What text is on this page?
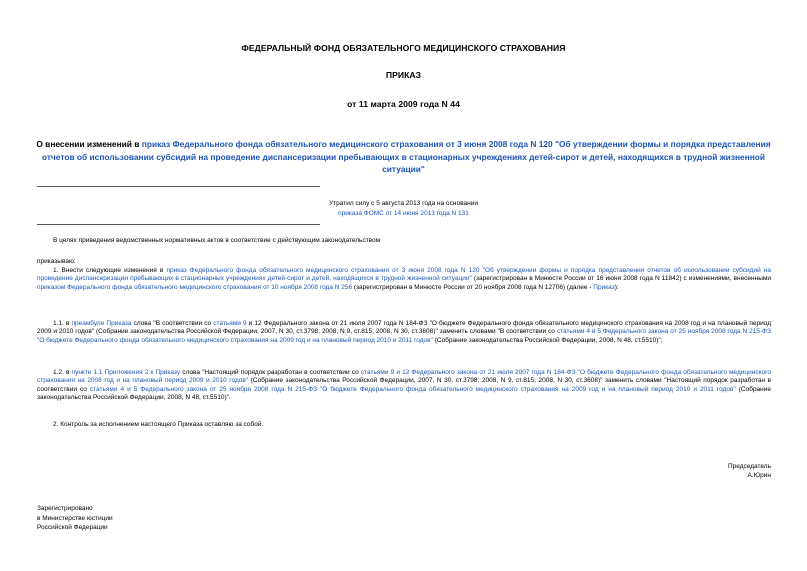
ФЕДЕРАЛЬНЫЙ ФОНД ОБЯЗАТЕЛЬНОГО МЕДИЦИНСКОГО СТРАХОВАНИЯ
ПРИКАЗ
от 11 марта 2009 года N 44
О внесении изменений в приказ Федерального фонда обязательного медицинского страхования от 3 июня 2008 года N 120 "Об утверждении формы и порядка представления отчетов об использовании субсидий на проведение диспансеризации пребывающих в стационарных учреждениях детей-сирот и детей, находящихся в трудной жизненной ситуации"
Утратил силу с 5 августа 2013 года на основании
приказа ФОМС от 14 июня 2013 года N 131
В целях приведения ведомственных нормативных актов в соответствие с действующим законодательством
приказываю:
1. Внести следующие изменения в приказ Федерального фонда обязательного медицинского страхования от 3 июня 2008 года N 120 "Об утверждении формы и порядка представления отчетов об использовании субсидий на проведение диспансеризации пребывающих в стационарных учреждениях детей-сирот и детей, находящихся в трудной жизненной ситуации" (зарегистрирован в Минюсте России от 16 июня 2008 года N 11842) с изменениями, внесенными приказом Федерального фонда обязательного медицинского страхования от 10 ноября 2008 года N 256 (зарегистрирован в Минюсте России от 20 ноября 2008 года N 12706) (далее - Приказ):
1.1. в преамбуле Приказа слова "В соответствии со статьями 9 и 12 Федерального закона от 21 июля 2007 года N 184-ФЗ "О бюджете Федерального фонда обязательного медицинского страхования на 2008 год и на плановый период 2009 и 2010 годов" (Собрание законодательства Российской Федерации, 2007, N 30, ст.3798; 2008, N 9, ст.815; 2008, N 30, ст.3608)" заменить словами "В соответствии со статьями 4 и 5 Федерального закона от 25 ноября 2008 года N 215-ФЗ "О бюджете Федерального фонда обязательного медицинского страхования на 2009 год и на плановый период 2010 и 2011 годов" (Собрание законодательства Российской Федерации, 2008, N 48, ст.5510)";
1.2. в пункте 1.1 Приложения 2 к Приказу слова "Настоящий порядок разработан в соответствии со статьями 9 и 12 Федерального закона от 21 июля 2007 года N 184-ФЗ "О бюджете Федерального фонда обязательного медицинского страхования на 2008 год и на плановый период 2009 и 2010 годов" (Собрание законодательства Российской Федерации, 2007, N 30, ст.3798; 2008, N 9, ст.815; 2008, N 30, ст.3608)" заменить словами "Настоящий порядок разработан в соответствии со статьями 4 и 5 Федерального закона от 25 ноября 2008 года N 215-ФЗ "О бюджете Федерального фонда обязательного медицинского страхования на 2009 год и на плановый период 2010 и 2011 годов" (Собрание законодательства Российской Федерации, 2008, N 48, ст.5510)".
2. Контроль за исполнением настоящего Приказа оставляю за собой.
Председатель
А.Юрин
Зарегистрировано
в Министерстве юстиции
Российской Федерации
